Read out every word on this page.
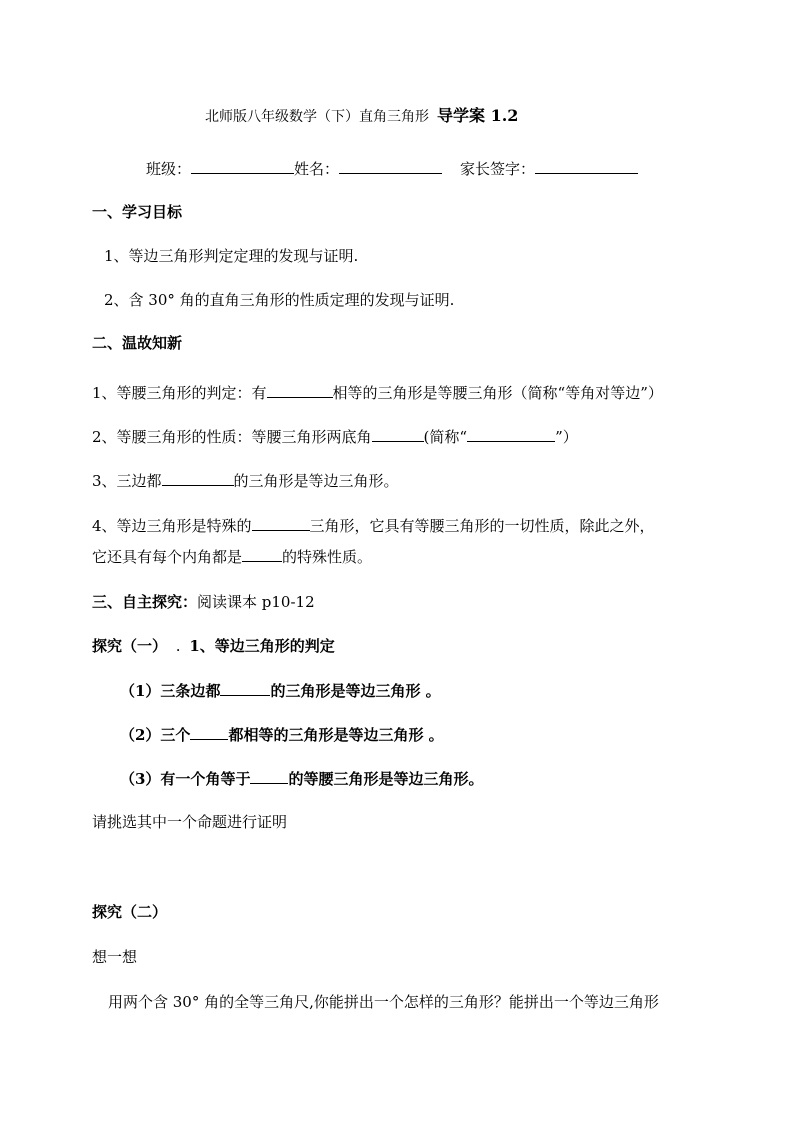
北师版八年级数学（下）直角三角形 导学案 1.2
班级：	姓名：	家长签字：
一、学习目标
1、等边三角形判定定理的发现与证明.
2、含 30° 角的直角三角形的性质定理的发现与证明.
二、温故知新
1、等腰三角形的判定：有	相等的三角形是等腰三角形（简称“等角对等边”）
2、等腰三角形的性质：等腰三角形两底角	(简称“	”）
3、三边都	的三角形是等边三角形。
4、等边三角形是特殊的	三角形，它具有等腰三角形的一切性质，除此之外，
它还具有每个内角都是	的特殊性质。
三、自主探究：阅读课本 p10-12
探究（一） . 1、等边三角形的判定
（1）三条边都	的三角形是等边三角形 。
（2）三个	都相等的三角形是等边三角形 。
（3）有一个角等于	的等腰三角形是等边三角形。
请挑选其中一个命题进行证明
探究（二）
想一想
用两个含 30° 角的全等三角尺,你能拼出一个怎样的三角形？能拼出一个等边三角形
